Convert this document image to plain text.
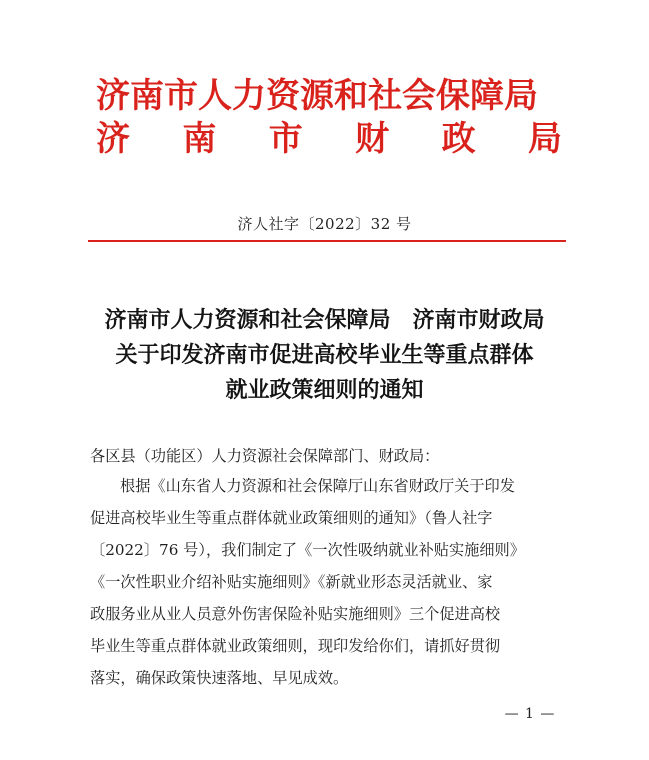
济南市人力资源和社会保障局
济 南 市 财 政 局
济人社字〔2022〕32 号
济南市人力资源和社会保障局　济南市财政局
关于印发济南市促进高校毕业生等重点群体
就业政策细则的通知
各区县（功能区）人力资源社会保障部门、财政局：
根据《山东省人力资源和社会保障厅山东省财政厅关于印发
促进高校毕业生等重点群体就业政策细则的通知》（鲁人社字
〔2022〕76 号），我们制定了《一次性吸纳就业补贴实施细则》
《一次性职业介绍补贴实施细则》《新就业形态灵活就业、家
政服务业从业人员意外伤害保险补贴实施细则》三个促进高校
毕业生等重点群体就业政策细则，现印发给你们，请抓好贯彻
落实，确保政策快速落地、早见成效。
— 1 —
